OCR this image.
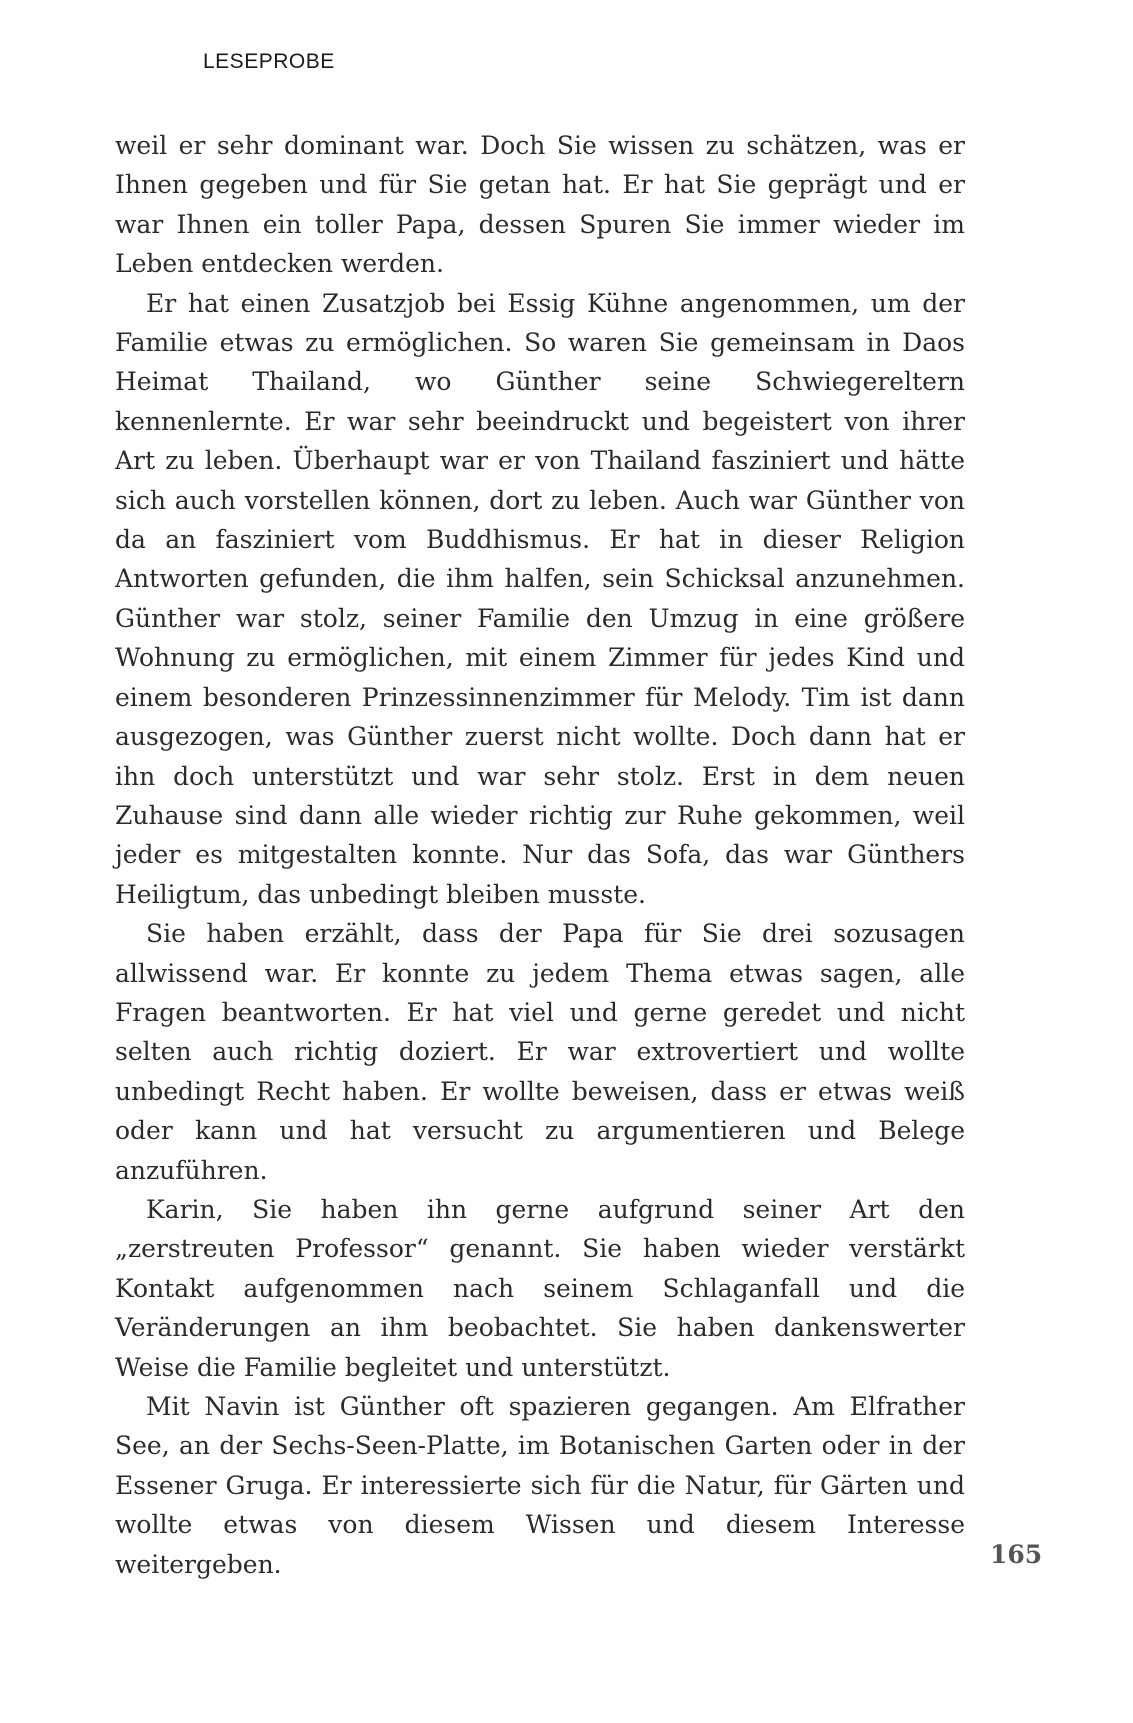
LESEPROBE

weil er sehr dominant war. Doch Sie wissen zu schätzen, was er Ihnen gegeben und für Sie getan hat. Er hat Sie geprägt und er war Ihnen ein toller Papa, dessen Spuren Sie immer wieder im Leben entdecken werden.

Er hat einen Zusatzjob bei Essig Kühne angenommen, um der Familie etwas zu ermöglichen. So waren Sie gemeinsam in Daos Heimat Thailand, wo Günther seine Schwiegereltern kennenlernte. Er war sehr beeindruckt und begeistert von ihrer Art zu leben. Überhaupt war er von Thailand fasziniert und hätte sich auch vorstellen können, dort zu leben. Auch war Günther von da an fasziniert vom Buddhismus. Er hat in dieser Religion Antworten gefunden, die ihm halfen, sein Schicksal anzunehmen. Günther war stolz, seiner Familie den Umzug in eine größere Wohnung zu ermöglichen, mit einem Zimmer für jedes Kind und einem besonderen Prinzessinnenzimmer für Melody. Tim ist dann ausgezogen, was Günther zuerst nicht wollte. Doch dann hat er ihn doch unterstützt und war sehr stolz. Erst in dem neuen Zuhause sind dann alle wieder richtig zur Ruhe gekommen, weil jeder es mitgestalten konnte. Nur das Sofa, das war Günthers Heiligtum, das unbedingt bleiben musste.

Sie haben erzählt, dass der Papa für Sie drei sozusagen allwissend war. Er konnte zu jedem Thema etwas sagen, alle Fragen beantworten. Er hat viel und gerne geredet und nicht selten auch richtig doziert. Er war extrovertiert und wollte unbedingt Recht haben. Er wollte beweisen, dass er etwas weiß oder kann und hat versucht zu argumentieren und Belege anzuführen.

Karin, Sie haben ihn gerne aufgrund seiner Art den „zerstreuten Professor“ genannt. Sie haben wieder verstärkt Kontakt aufgenommen nach seinem Schlaganfall und die Veränderungen an ihm beobachtet. Sie haben dankenswerter Weise die Familie begleitet und unterstützt.

Mit Navin ist Günther oft spazieren gegangen. Am Elfrather See, an der Sechs-Seen-Platte, im Botanischen Garten oder in der Essener Gruga. Er interessierte sich für die Natur, für Gärten und wollte etwas von diesem Wissen und diesem Interesse weitergeben.	165
